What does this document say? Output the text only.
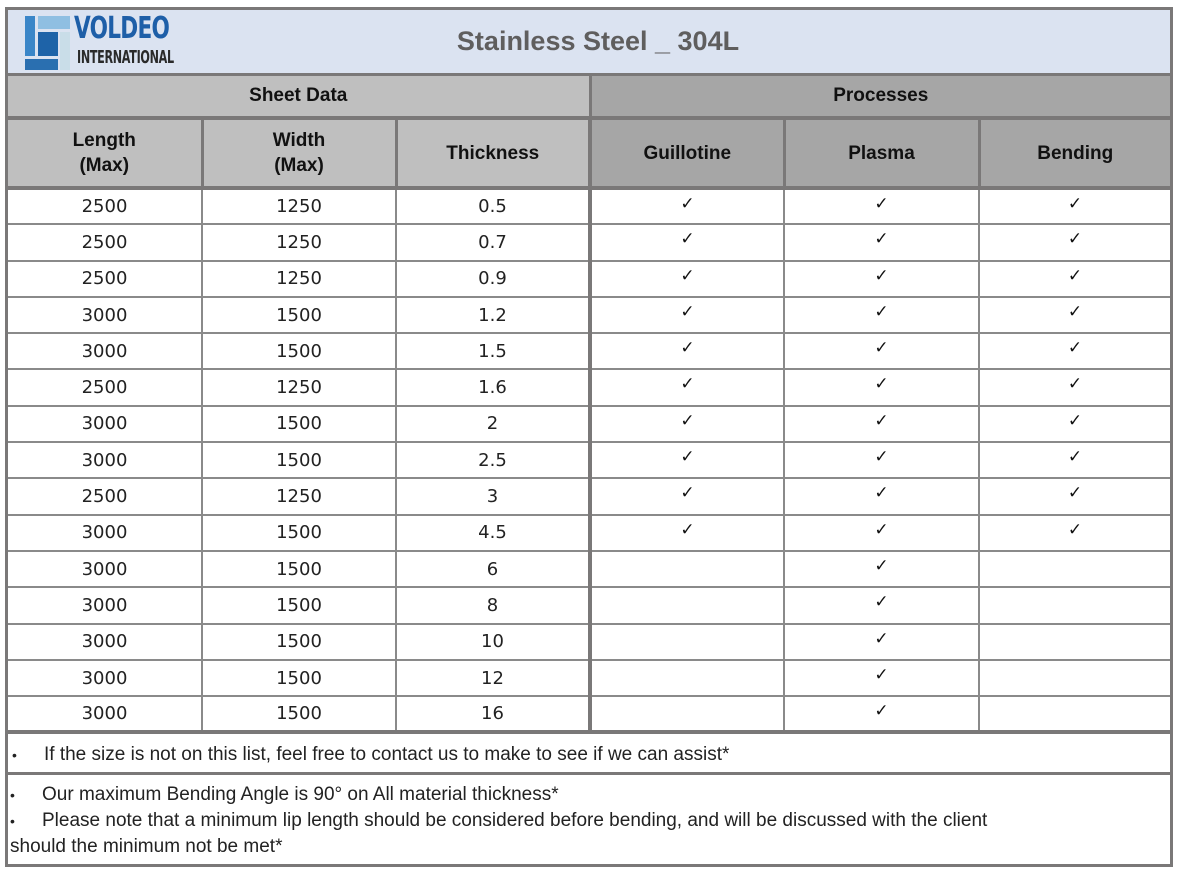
VOLDEO
INTERNATIONAL
Stainless Steel _ 304L
Sheet Data			Processes		
Length
(Max)	Width
(Max)	Thickness	Guillotine	Plasma	Bending
2500	1250	0.5	✓	✓	✓
2500	1250	0.7	✓	✓	✓
2500	1250	0.9	✓	✓	✓
3000	1500	1.2	✓	✓	✓
3000	1500	1.5	✓	✓	✓
2500	1250	1.6	✓	✓	✓
3000	1500	2	✓	✓	✓
3000	1500	2.5	✓	✓	✓
2500	1250	3	✓	✓	✓
3000	1500	4.5	✓	✓	✓
3000	1500	6		✓	
3000	1500	8		✓	
3000	1500	10		✓	
3000	1500	12		✓	
3000	1500	16		✓	
• If the size is not on this list, feel free to contact us to make to see if we can assist*
• Our maximum Bending Angle is 90° on All material thickness*
• Please note that a minimum lip length should be considered before bending, and will be discussed with the client
should the minimum not be met*
